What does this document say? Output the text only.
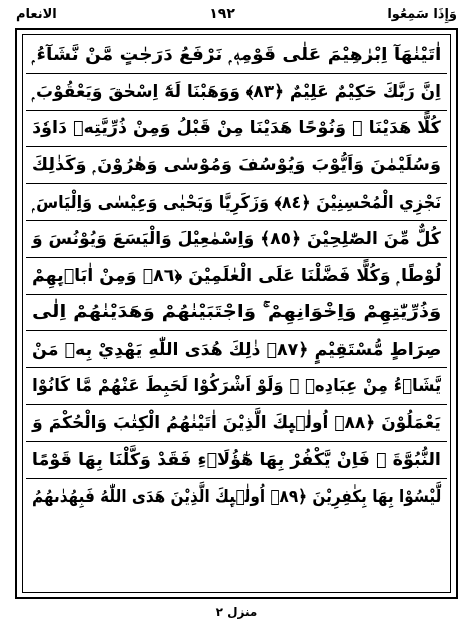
الانعام	١٩٢	وَإِذَا سَمِعُوا
اٰتَيْنٰهَآ اِبْرٰهِيْمَ عَلٰى قَوْمِهٖ ۭ نَرْفَعُ دَرَجٰتٍ مَّنْ نَّشَآءُ ۭ
اِنَّ رَبَّكَ حَكِيْمٌ عَلِيْمٌ ﴿٨٣﴾ وَوَهَبْنَا لَهٗٓ اِسْحٰقَ وَيَعْقُوْبَ ۭ
كُلًّا هَدَيْنَا ۚ وَنُوْحًا هَدَيْنَا مِنْ قَبْلُ وَمِنْ ذُرِّيَّتِهٖ دَاوٗدَ
وَسُلَيْمٰنَ وَاَيُّوْبَ وَيُوْسُفَ وَمُوْسٰى وَهٰرُوْنَ ۭ وَكَذٰلِكَ
نَجْزِي الْمُحْسِنِيْنَ ﴿٨٤﴾ وَزَكَرِيَّا وَيَحْيٰى وَعِيْسٰى وَاِلْيَاسَ ۭ
كُلٌّ مِّنَ الصّٰلِحِيْنَ ﴿٨٥﴾ وَاِسْمٰعِيْلَ وَالْيَسَعَ وَيُوْنُسَ وَ
لُوْطًا ۭ وَكُلًّا فَضَّلْنَا عَلَى الْعٰلَمِيْنَ ﴿٨٦﴾ وَمِنْ اٰبَاۗىِٕهِمْ
وَذُرِّيّٰتِهِمْ وَاِخْوَانِهِمْ ۚ وَاجْتَبَيْنٰهُمْ وَهَدَيْنٰهُمْ اِلٰى
صِرَاطٍ مُّسْتَقِيْمٍ ﴿٨٧﴾ ذٰلِكَ هُدَى اللّٰهِ يَهْدِيْ بِهٖ مَنْ
يَّشَاۗءُ مِنْ عِبَادِهٖ ۭ وَلَوْ اَشْرَكُوْا لَحَبِطَ عَنْهُمْ مَّا كَانُوْا
يَعْمَلُوْنَ ﴿٨٨﴾ اُولٰۗىِٕكَ الَّذِيْنَ اٰتَيْنٰهُمُ الْكِتٰبَ وَالْحُكْمَ وَ
النُّبُوَّةَ ۚ فَاِنْ يَّكْفُرْ بِهَا هٰٓؤُلَاۗءِ فَقَدْ وَكَّلْنَا بِهَا قَوْمًا
لَّيْسُوْا بِهَا بِكٰفِرِيْنَ ﴿٨٩﴾ اُولٰۗىِٕكَ الَّذِيْنَ هَدَى اللّٰهُ فَبِهُدٰىهُمُ
منزل ٢
